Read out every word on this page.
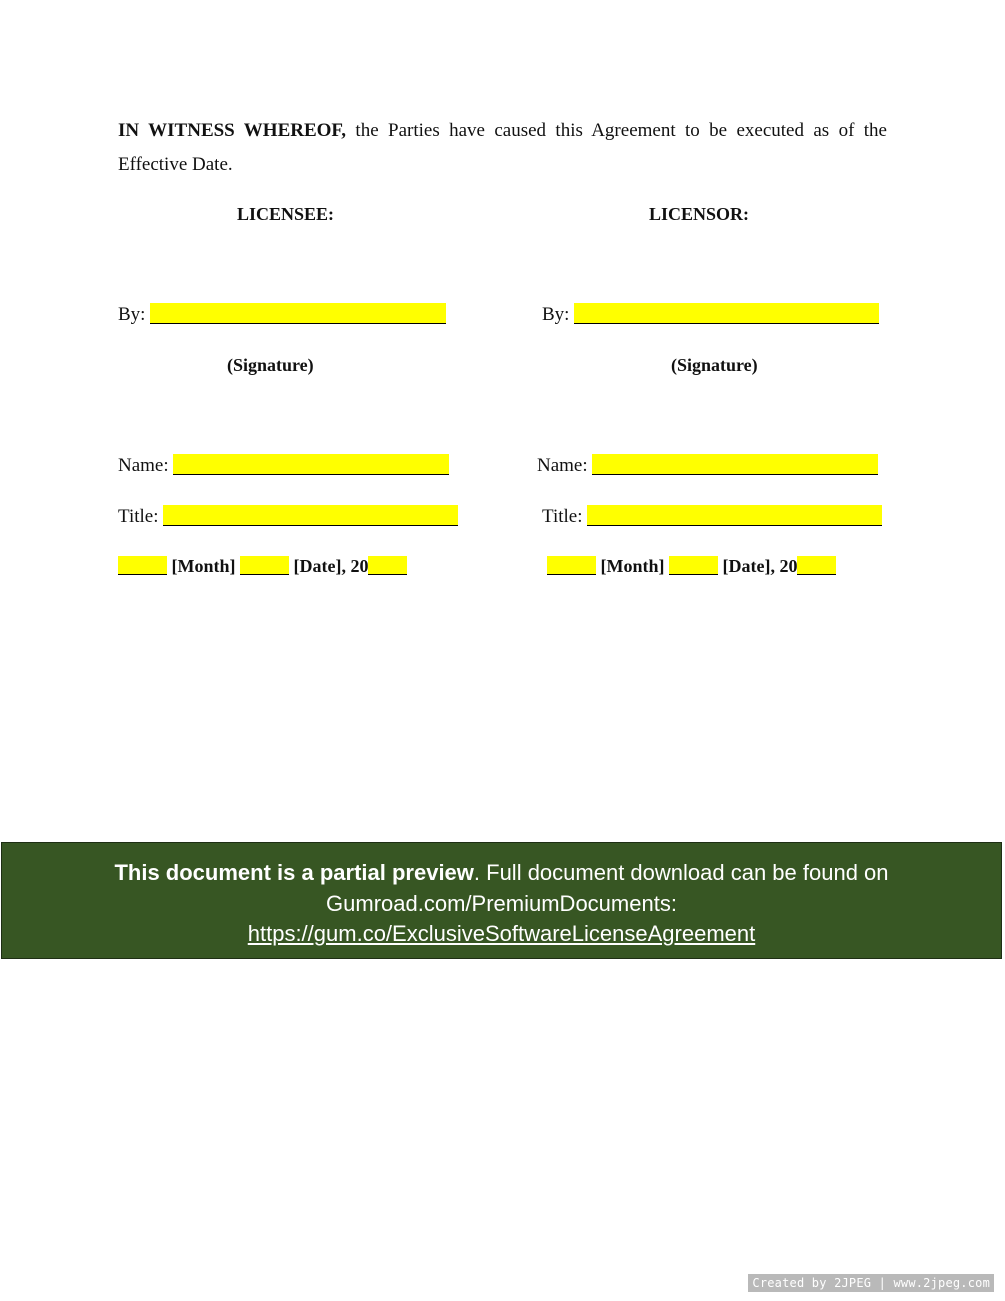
IN WITNESS WHEREOF, the Parties have caused this Agreement to be executed as of the Effective Date.
LICENSEE:	LICENSOR:
By:	By:
(Signature)	(Signature)
Name:	Name:
Title:	Title:
[Month]	[Date], 20	[Month]	[Date], 20
This document is a partial preview. Full document download can be found on
Gumroad.com/PremiumDocuments:
https://gum.co/ExclusiveSoftwareLicenseAgreement
Created by 2JPEG | www.2jpeg.com
